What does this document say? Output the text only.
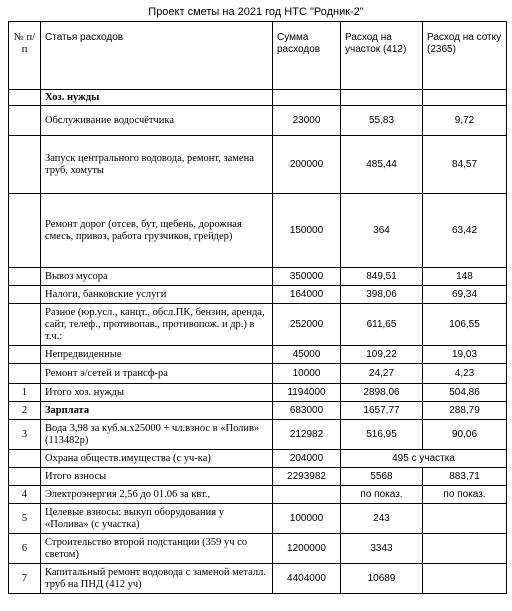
Проект сметы на 2021 год НТС "Родник-2"
№ п/п	Статья расходов	Сумма расходов	Расход на участок (412)	Расход на сотку (2365)
	Хоз. нужды			
	Обслуживание водосчётчика	23000	55,83	9,72
	Запуск центрального водовода, ремонт, замена труб, хомуты	200000	485,44	84,57
	Ремонт дорог (отсев, бут, щебень, дорожная смесь, привоз, работа грузчиков, грейдер)	150000	364	63,42
	Вывоз мусора	350000	849,51	148
	Налоги, банковские услуги	164000	398,06	69,34
	Разное (юр.усл., канцт., обсл.ПК, бензин, аренда, сайт, телеф., противопав., противопож. и др.) в т.ч.:	252000	611,65	106,55
	Непредвиденные	45000	109,22	19,03
	Ремонт э/сетей и трансф-ра	10000	24,27	4,23
1	Итого хоз. нужды	1194000	2898,06	504,86
2	Зарплата	683000	1657,77	288,79
3	Вода 3,98 за куб.м.х25000 + чл.взнос в «Полив» (113482р)	212982	516,95	90,06
	Охрана обществ.имущества (с уч-ка)	204000	495 с участка	
	Итого взносы	2293982	5568	883,71
4	Электроэнергия 2,56 до 01.06 за квт.,		по показ.	по показ.
5	Целевые взносы: выкуп оборудования у «Полива» (с участка)	100000	243	
6	Строительство второй подстанции (359 уч со светом)	1200000	3343	
7	Капитальный ремонт водовода с заменой металл. труб на ПНД (412 уч)	4404000	10689	
